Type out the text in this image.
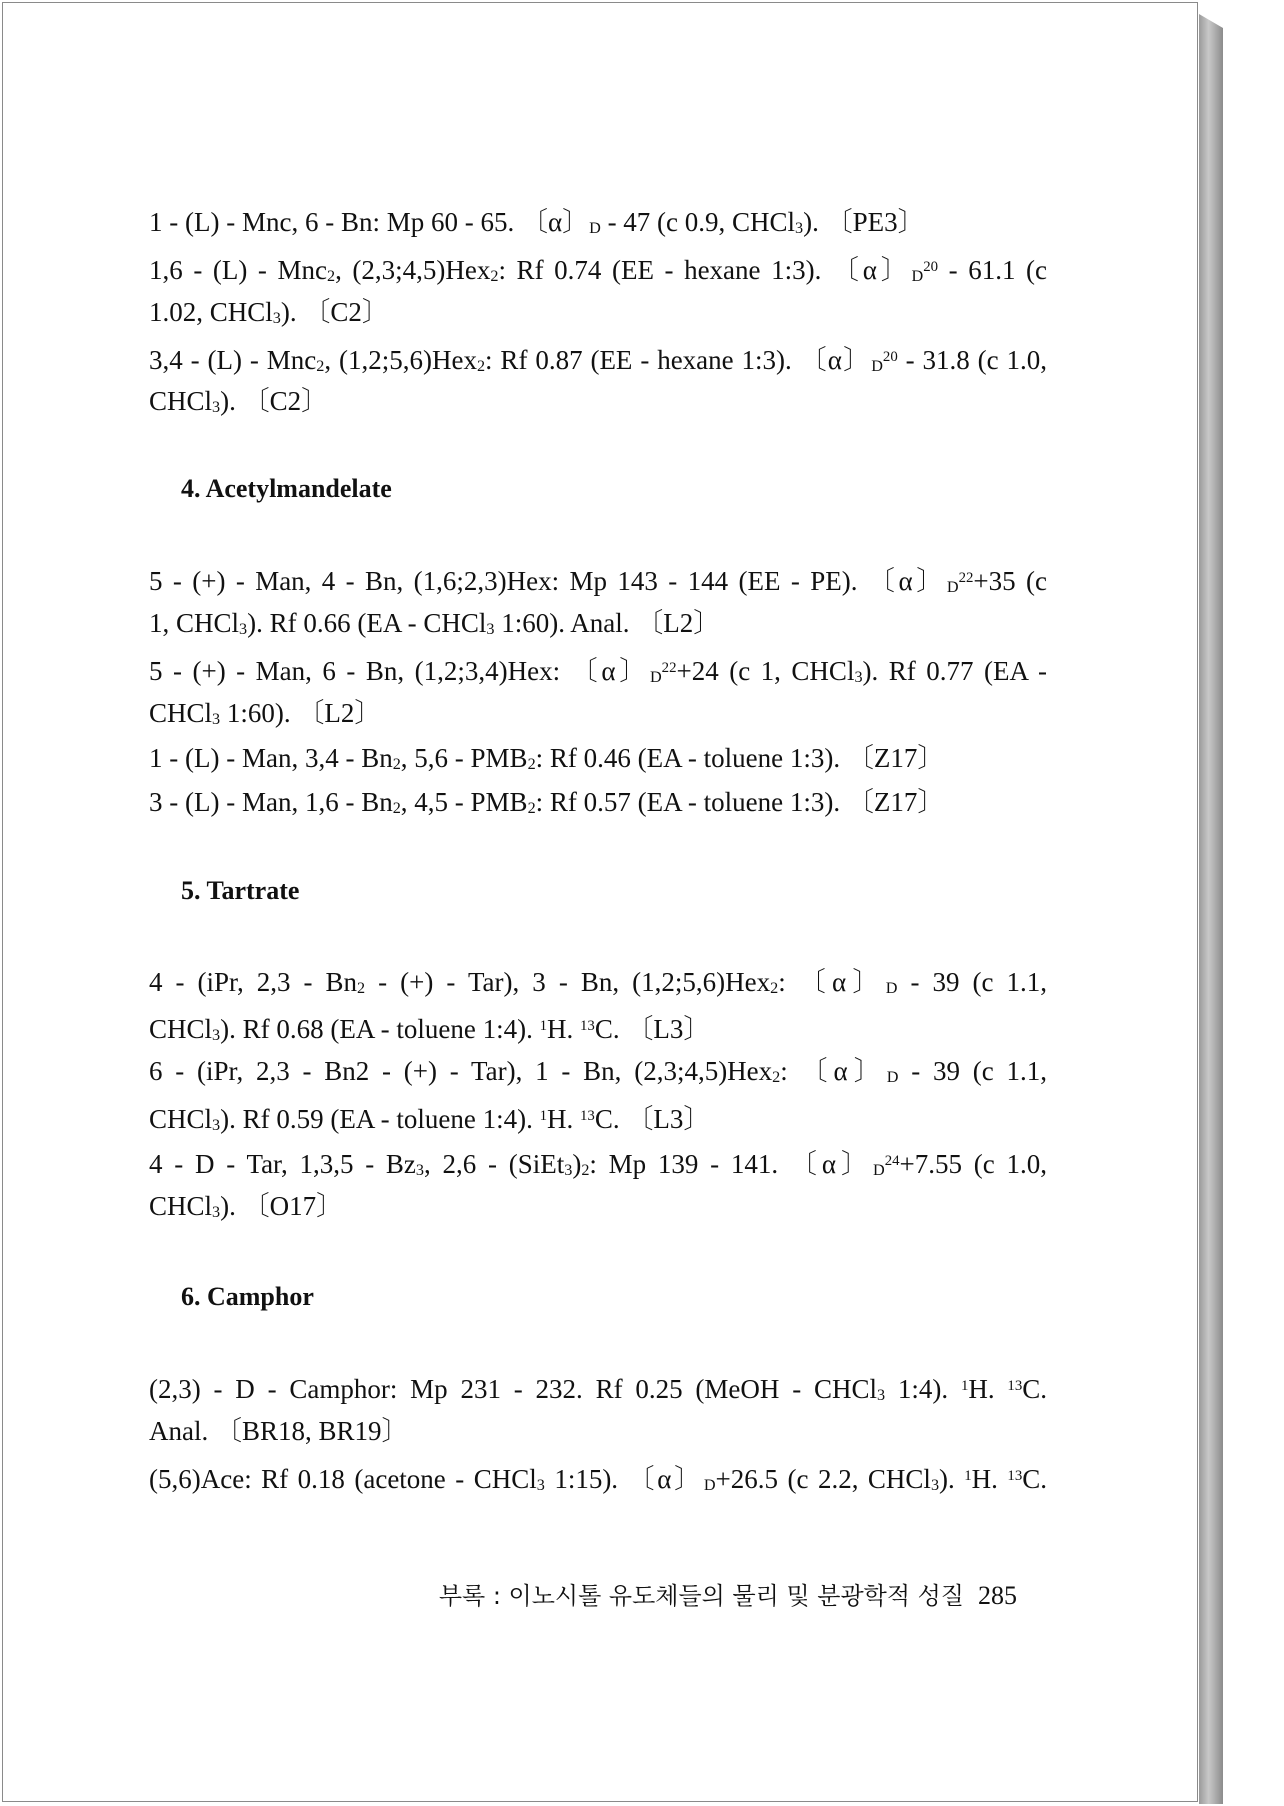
1 - (L) - Mnc, 6 - Bn: Mp 60 - 65. 〔α〕D - 47 (c 0.9, CHCl3). 〔PE3〕
1,6 - (L) - Mnc2, (2,3;4,5)Hex2: Rf 0.74 (EE - hexane 1:3). 〔α〕$D^{20} - 61.1$ (c
1.02, CHCl3). 〔C2〕
3,4 - (L) - Mnc2, (1,2;5,6)Hex2: Rf 0.87 (EE - hexane 1:3). 〔α〕$D^{20} - 31.8$ (c 1.0,
CHCl3). 〔C2〕
4. Acetylmandelate
5 - (+) - Man, 4 - Bn, (1,6;2,3)Hex: Mp 143 - 144 (EE - PE). 〔α〕$D^{22}+35$ (c
1, CHCl3). Rf 0.66 (EA - CHCl3 1:60). Anal. 〔L2〕
5 - (+) - Man, 6 - Bn, (1,2;3,4)Hex: 〔α〕$D^{22}+24$ (c 1, CHCl3). Rf 0.77 (EA -
CHCl3 1:60). 〔L2〕
1 - (L) - Man, 3,4 - Bn2, 5,6 - PMB2: Rf 0.46 (EA - toluene 1:3). 〔Z17〕
3 - (L) - Man, 1,6 - Bn2, 4,5 - PMB2: Rf 0.57 (EA - toluene 1:3). 〔Z17〕
5. Tartrate
4 - (iPr, 2,3 - Bn2 - (+) - Tar), 3 - Bn, (1,2;5,6)Hex2: 〔α〕D - 39 (c 1.1,
CHCl3). Rf 0.68 (EA - toluene 1:4). $^1$H. $^{13}$C. 〔L3〕
6 - (iPr, 2,3 - Bn2 - (+) - Tar), 1 - Bn, (2,3;4,5)Hex2: 〔α〕D - 39 (c 1.1,
CHCl3). Rf 0.59 (EA - toluene 1:4). $^1$H. $^{13}$C. 〔L3〕
4 - D - Tar, 1,3,5 - Bz3, 2,6 - (SiEt3)2: Mp 139 - 141. 〔α〕$D^{24}+7.55$ (c 1.0,
CHCl3). 〔O17〕
6. Camphor
(2,3) - D - Camphor: Mp 231 - 232. Rf 0.25 (MeOH - CHCl3 1:4). $^1$H. $^{13}$C.
Anal. 〔BR18, BR19〕
(5,6)Ace: Rf 0.18 (acetone - CHCl3 1:15). 〔α〕D+26.5 (c 2.2, CHCl3). $^1$H. $^{13}$C.
부록 : 이노시톨 유도체들의 물리 및 분광학적 성질 285
